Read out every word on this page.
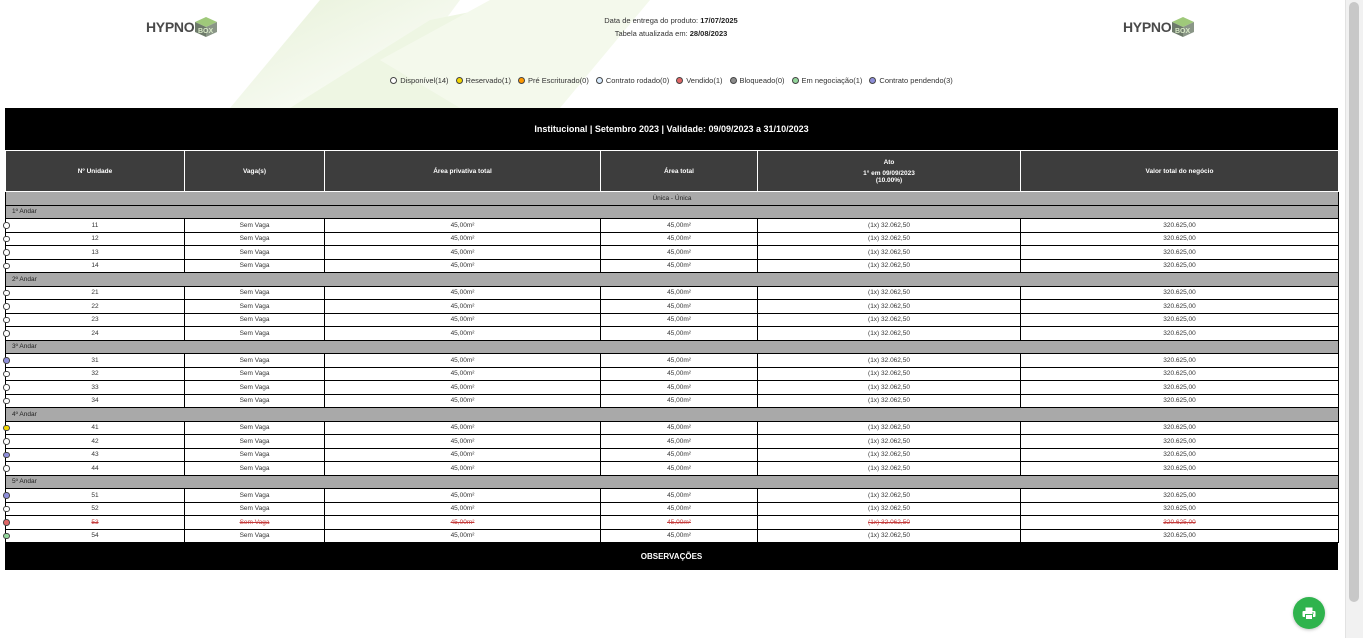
HYPNO BOX	HYPNO BOX
Data de entrega do produto: 17/07/2025
Tabela atualizada em: 28/08/2023
Disponível(14) Reservado(1) Pré Escriturado(0) Contrato rodado(0) Vendido(1) Bloqueado(0) Em negociação(1) Contrato pendendo(3)
Institucional | Setembro 2023 | Validade: 09/09/2023 a 31/10/2023
Nº Unidade	Vaga(s)	Área privativa total	Área total	Ato
1° em 09/09/2023
(10.00%)	Valor total do negócio
Única - Única					
1º Andar					

11	Sem Vaga	45,00m²	45,00m²	(1x) 32.062,50	320.625,00

12	Sem Vaga	45,00m²	45,00m²	(1x) 32.062,50	320.625,00

13	Sem Vaga	45,00m²	45,00m²	(1x) 32.062,50	320.625,00

14	Sem Vaga	45,00m²	45,00m²	(1x) 32.062,50	320.625,00
2º Andar					

21	Sem Vaga	45,00m²	45,00m²	(1x) 32.062,50	320.625,00

22	Sem Vaga	45,00m²	45,00m²	(1x) 32.062,50	320.625,00

23	Sem Vaga	45,00m²	45,00m²	(1x) 32.062,50	320.625,00

24	Sem Vaga	45,00m²	45,00m²	(1x) 32.062,50	320.625,00
3º Andar					

31	Sem Vaga	45,00m²	45,00m²	(1x) 32.062,50	320.625,00

32	Sem Vaga	45,00m²	45,00m²	(1x) 32.062,50	320.625,00

33	Sem Vaga	45,00m²	45,00m²	(1x) 32.062,50	320.625,00

34	Sem Vaga	45,00m²	45,00m²	(1x) 32.062,50	320.625,00
4º Andar					

41	Sem Vaga	45,00m²	45,00m²	(1x) 32.062,50	320.625,00

42	Sem Vaga	45,00m²	45,00m²	(1x) 32.062,50	320.625,00

43	Sem Vaga	45,00m²	45,00m²	(1x) 32.062,50	320.625,00

44	Sem Vaga	45,00m²	45,00m²	(1x) 32.062,50	320.625,00
5º Andar					

51	Sem Vaga	45,00m²	45,00m²	(1x) 32.062,50	320.625,00

52	Sem Vaga	45,00m²	45,00m²	(1x) 32.062,50	320.625,00

53	Sem Vaga	45,00m²	45,00m²	(1x) 32.062,50	320.625,00

54	Sem Vaga	45,00m²	45,00m²	(1x) 32.062,50	320.625,00
OBSERVAÇÕES
